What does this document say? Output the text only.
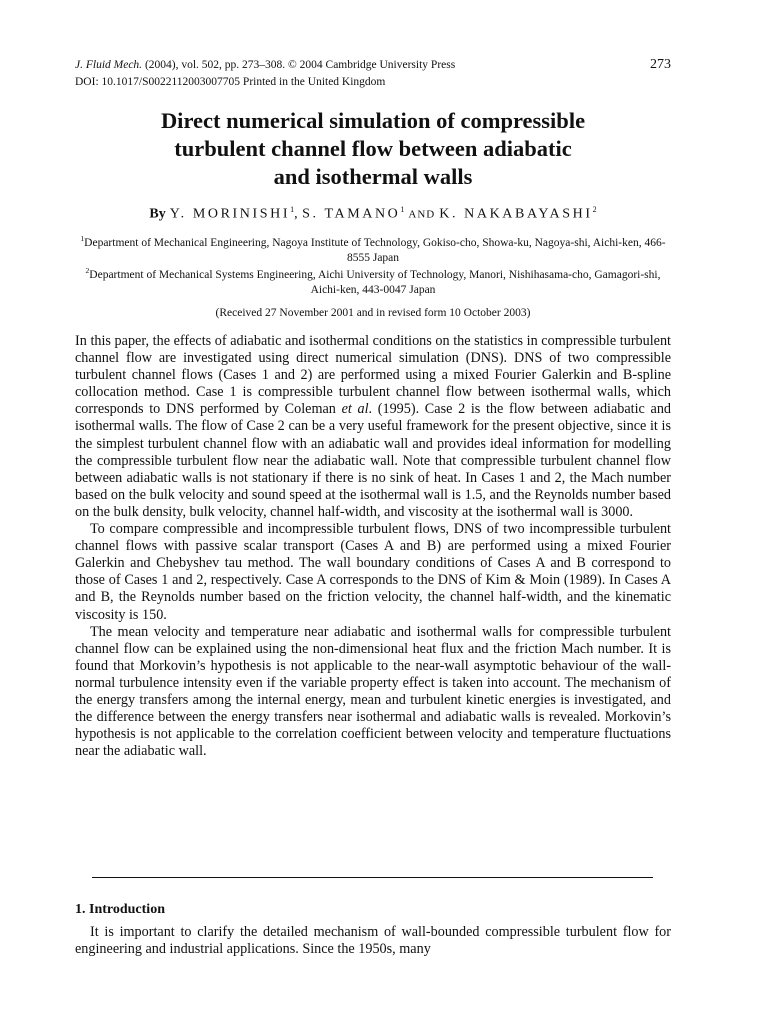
J. Fluid Mech. (2004), vol. 502, pp. 273–308. © 2004 Cambridge University Press
DOI: 10.1017/S0022112003007705 Printed in the United Kingdom
273
Direct numerical simulation of compressible
turbulent channel flow between adiabatic
and isothermal walls
By Y. MORINISHI$^1$, S. TAMANO$^1$ AND K. NAKABAYASHI$^2$
$^1$Department of Mechanical Engineering, Nagoya Institute of Technology, Gokiso-cho, Showa-ku, Nagoya-shi, Aichi-ken, 466-8555 Japan
$^2$Department of Mechanical Systems Engineering, Aichi University of Technology, Manori, Nishihasama-cho, Gamagori-shi, Aichi-ken, 443-0047 Japan
(Received 27 November 2001 and in revised form 10 October 2003)

In this paper, the effects of adiabatic and isothermal conditions on the statistics in compressible turbulent channel flow are investigated using direct numerical simulation (DNS). DNS of two compressible turbulent channel flows (Cases 1 and 2) are performed using a mixed Fourier Galerkin and B-spline collocation method. Case 1 is compressible turbulent channel flow between isothermal walls, which corresponds to DNS performed by Coleman et al. (1995). Case 2 is the flow between adiabatic and isothermal walls. The flow of Case 2 can be a very useful framework for the present objective, since it is the simplest turbulent channel flow with an adiabatic wall and provides ideal information for modelling the compressible turbulent flow near the adiabatic wall. Note that compressible turbulent channel flow between adiabatic walls is not stationary if there is no sink of heat. In Cases 1 and 2, the Mach number based on the bulk velocity and sound speed at the isothermal wall is 1.5, and the Reynolds number based on the bulk density, bulk velocity, channel half-width, and viscosity at the isothermal wall is 3000.

To compare compressible and incompressible turbulent flows, DNS of two incompressible turbulent channel flows with passive scalar transport (Cases A and B) are performed using a mixed Fourier Galerkin and Chebyshev tau method. The wall boundary conditions of Cases A and B correspond to those of Cases 1 and 2, respectively. Case A corresponds to the DNS of Kim & Moin (1989). In Cases A and B, the Reynolds number based on the friction velocity, the channel half-width, and the kinematic viscosity is 150.

The mean velocity and temperature near adiabatic and isothermal walls for compressible turbulent channel flow can be explained using the non-dimensional heat flux and the friction Mach number. It is found that Morkovin’s hypothesis is not applicable to the near-wall asymptotic behaviour of the wall-normal turbulence intensity even if the variable property effect is taken into account. The mechanism of the energy transfers among the internal energy, mean and turbulent kinetic energies is investigated, and the difference between the energy transfers near isothermal and adiabatic walls is revealed. Morkovin’s hypothesis is not applicable to the correlation coefficient between velocity and temperature fluctuations near the adiabatic wall.

1. Introduction

It is important to clarify the detailed mechanism of wall-bounded compressible turbulent flow for engineering and industrial applications. Since the 1950s, many
